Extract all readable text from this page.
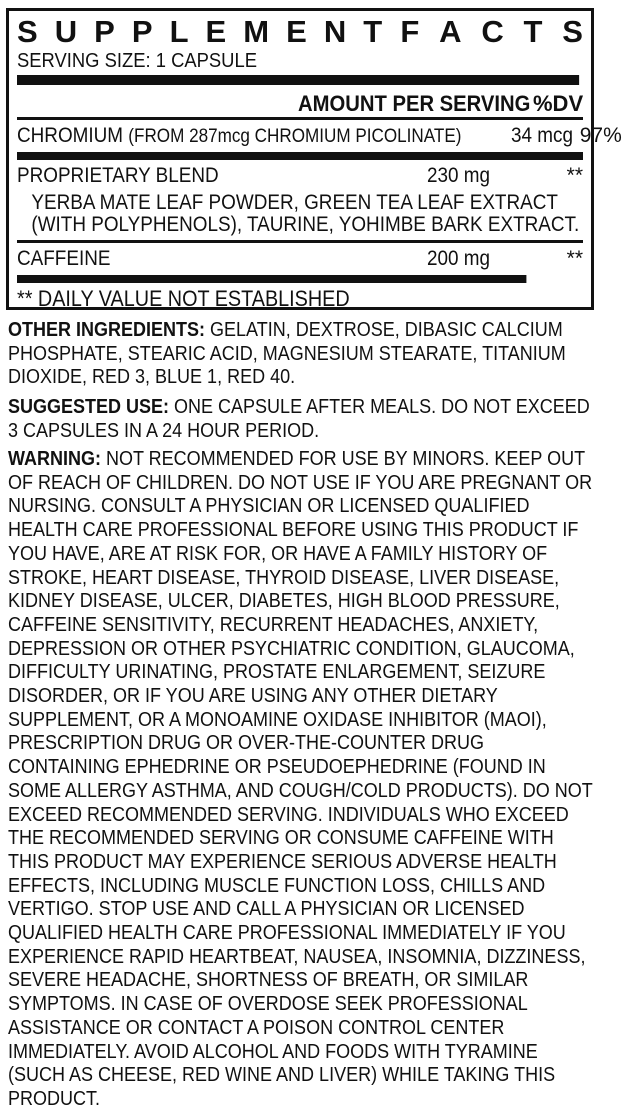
S U P P L E M E N T F A C T S
SERVING SIZE: 1 CAPSULE
AMOUNT PER SERVING %DV
CHROMIUM (FROM 287mcg CHROMIUM PICOLINATE) 34 mcg 97%
PROPRIETARY BLEND	230 mg	**
YERBA MATE LEAF POWDER, GREEN TEA LEAF EXTRACT (WITH POLYPHENOLS), TAURINE, YOHIMBE BARK EXTRACT.
CAFFEINE	200 mg	**
** DAILY VALUE NOT ESTABLISHED
OTHER INGREDIENTS: GELATIN, DEXTROSE, DIBASIC CALCIUM PHOSPHATE, STEARIC ACID, MAGNESIUM STEARATE, TITANIUM DIOXIDE, RED 3, BLUE 1, RED 40.
SUGGESTED USE: ONE CAPSULE AFTER MEALS. DO NOT EXCEED 3 CAPSULES IN A 24 HOUR PERIOD.
WARNING: NOT RECOMMENDED FOR USE BY MINORS. KEEP OUT OF REACH OF CHILDREN. DO NOT USE IF YOU ARE PREGNANT OR NURSING. CONSULT A PHYSICIAN OR LICENSED QUALIFIED HEALTH CARE PROFESSIONAL BEFORE USING THIS PRODUCT IF YOU HAVE, ARE AT RISK FOR, OR HAVE A FAMILY HISTORY OF STROKE, HEART DISEASE, THYROID DISEASE, LIVER DISEASE, KIDNEY DISEASE, ULCER, DIABETES, HIGH BLOOD PRESSURE, CAFFEINE SENSITIVITY, RECURRENT HEADACHES, ANXIETY, DEPRESSION OR OTHER PSYCHIATRIC CONDITION, GLAUCOMA, DIFFICULTY URINATING, PROSTATE ENLARGEMENT, SEIZURE DISORDER, OR IF YOU ARE USING ANY OTHER DIETARY SUPPLEMENT, OR A MONOAMINE OXIDASE INHIBITOR (MAOI), PRESCRIPTION DRUG OR OVER-THE-COUNTER DRUG CONTAINING EPHEDRINE OR PSEUDOEPHEDRINE (FOUND IN SOME ALLERGY ASTHMA, AND COUGH/COLD PRODUCTS). DO NOT EXCEED RECOMMENDED SERVING. INDIVIDUALS WHO EXCEED THE RECOMMENDED SERVING OR CONSUME CAFFEINE WITH THIS PRODUCT MAY EXPERIENCE SERIOUS ADVERSE HEALTH EFFECTS, INCLUDING MUSCLE FUNCTION LOSS, CHILLS AND VERTIGO. STOP USE AND CALL A PHYSICIAN OR LICENSED QUALIFIED HEALTH CARE PROFESSIONAL IMMEDIATELY IF YOU EXPERIENCE RAPID HEARTBEAT, NAUSEA, INSOMNIA, DIZZINESS, SEVERE HEADACHE, SHORTNESS OF BREATH, OR SIMILAR SYMPTOMS. IN CASE OF OVERDOSE SEEK PROFESSIONAL ASSISTANCE OR CONTACT A POISON CONTROL CENTER IMMEDIATELY. AVOID ALCOHOL AND FOODS WITH TYRAMINE (SUCH AS CHEESE, RED WINE AND LIVER) WHILE TAKING THIS PRODUCT.
